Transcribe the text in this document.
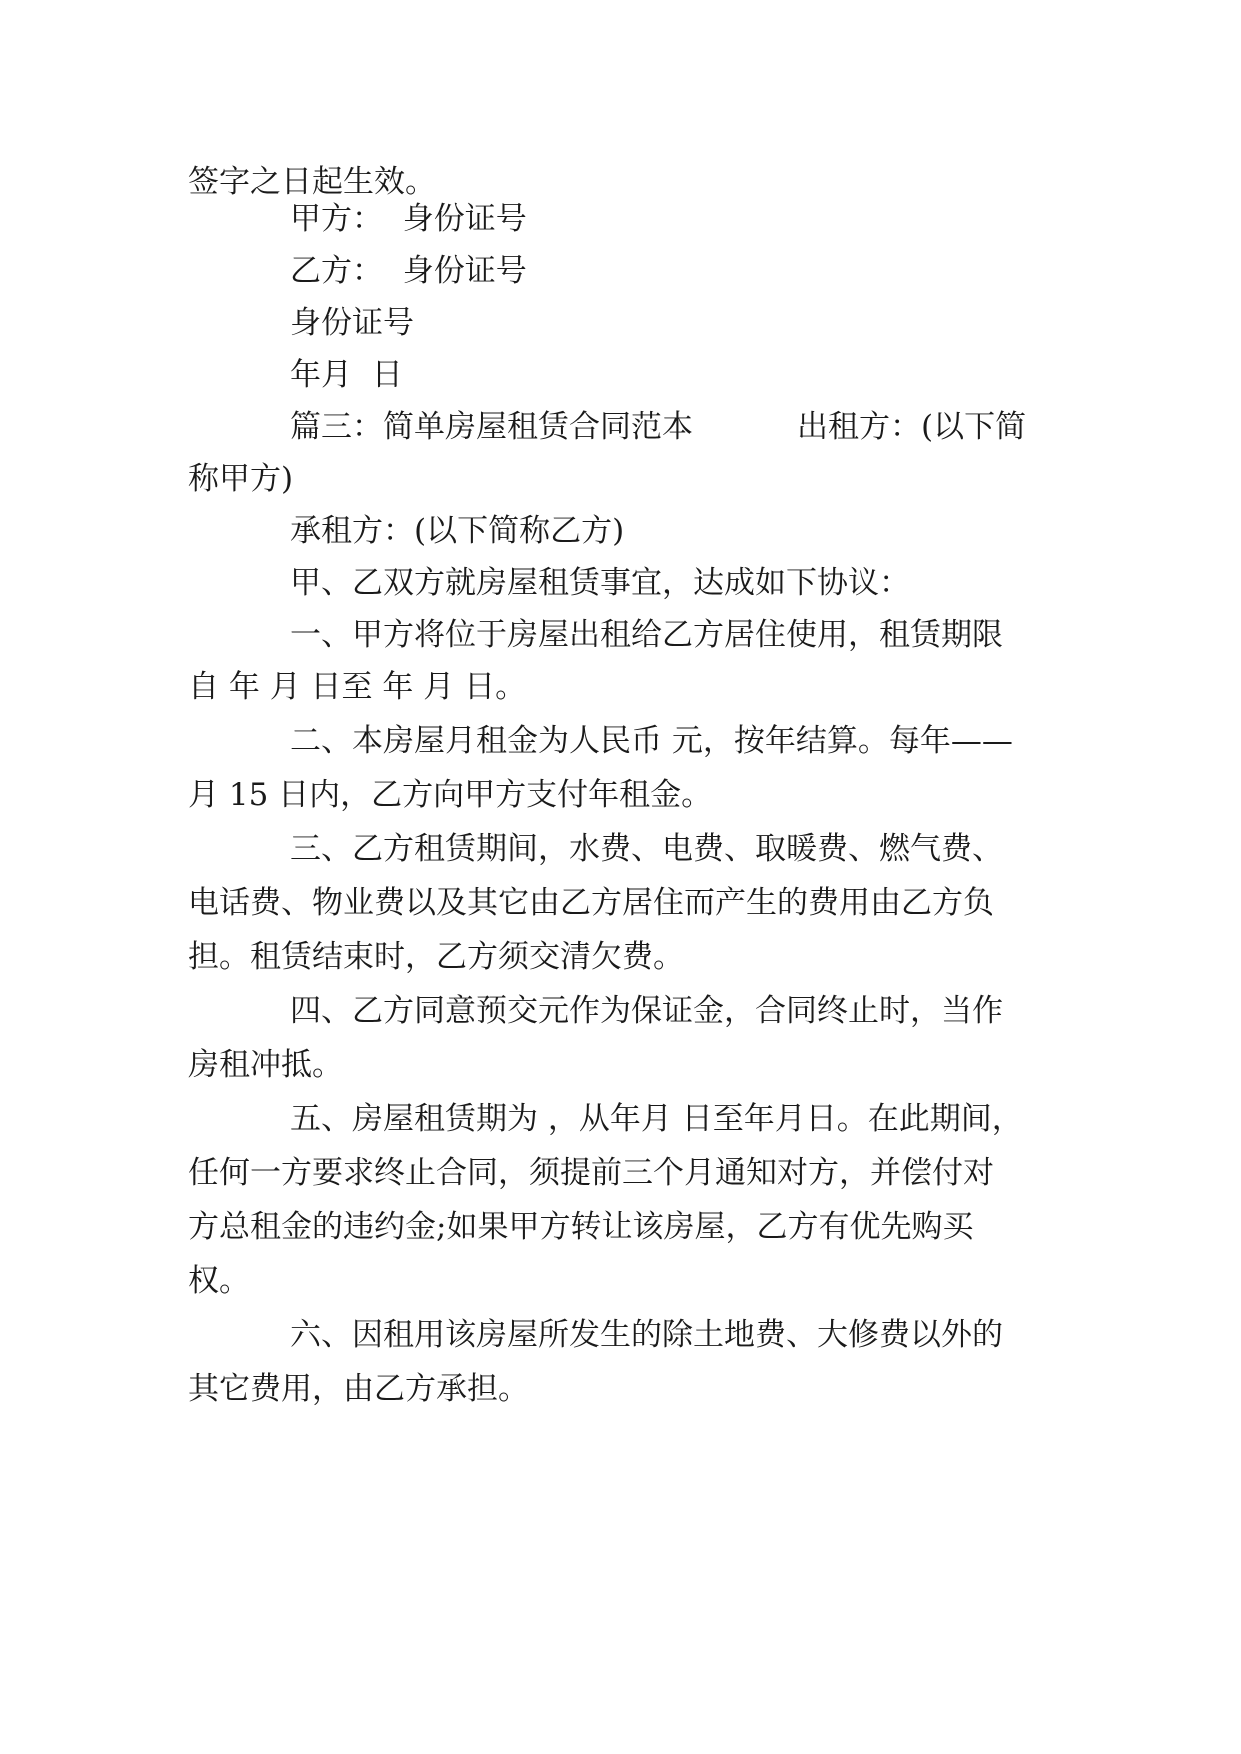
签字之日起生效。
甲方：  身份证号
乙方：  身份证号
身份证号
年月  日
篇三：简单房屋租赁合同范本	出租方：(以下简
称甲方)
承租方：(以下简称乙方)
甲、乙双方就房屋租赁事宜，达成如下协议：
一、甲方将位于房屋出租给乙方居住使用，租赁期限
自 年 月 日至 年 月 日。
二、本房屋月租金为人民币 元，按年结算。每年——
月 15 日内，乙方向甲方支付年租金。
三、乙方租赁期间，水费、电费、取暖费、燃气费、
电话费、物业费以及其它由乙方居住而产生的费用由乙方负
担。租赁结束时，乙方须交清欠费。
四、乙方同意预交元作为保证金，合同终止时，当作
房租冲抵。
五、房屋租赁期为 ，从年月 日至年月日。在此期间，
任何一方要求终止合同，须提前三个月通知对方，并偿付对
方总租金的违约金;如果甲方转让该房屋，乙方有优先购买
权。
六、因租用该房屋所发生的除土地费、大修费以外的
其它费用，由乙方承担。
